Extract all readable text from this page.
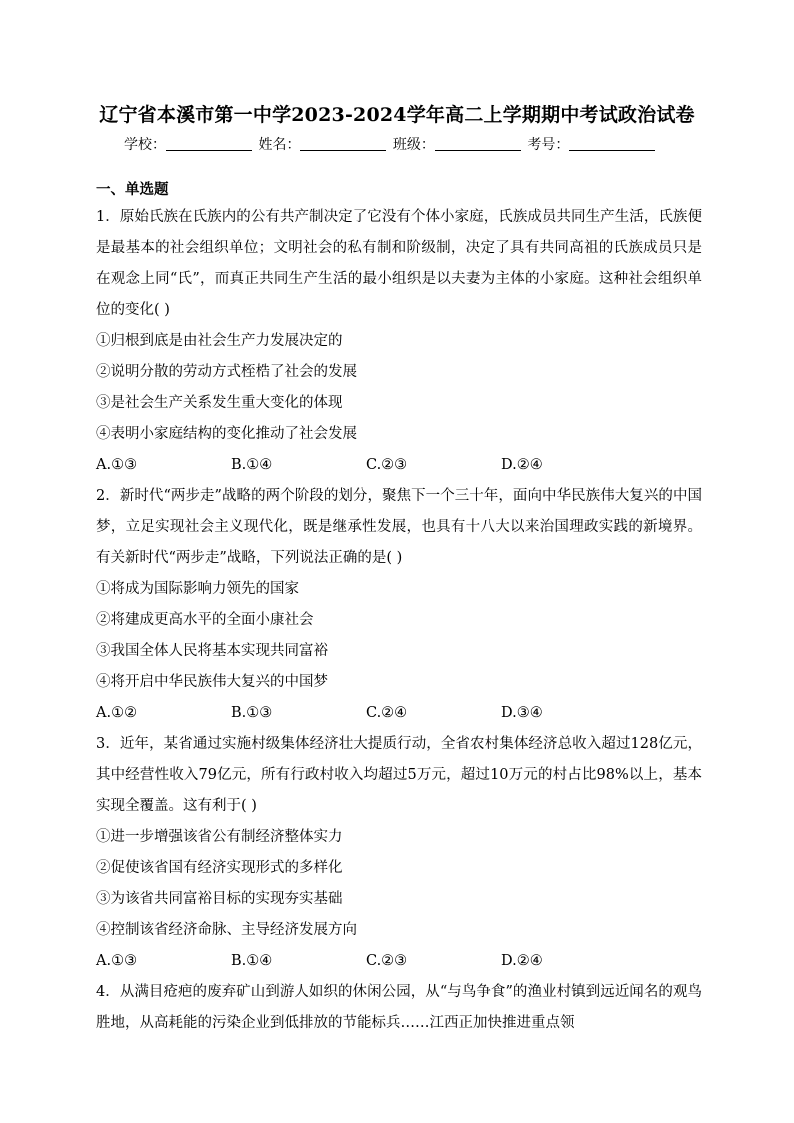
辽宁省本溪市第一中学2023-2024学年高二上学期期中考试政治试卷
学校：	姓名：	班级：	考号：
一、单选题

1．原始氏族在氏族内的公有共产制决定了它没有个体小家庭，氏族成员共同生产生活，氏族便是最基本的社会组织单位；文明社会的私有制和阶级制，决定了具有共同高祖的氏族成员只是在观念上同“氏”，而真正共同生产生活的最小组织是以夫妻为主体的小家庭。这种社会组织单位的变化( )

①归根到底是由社会生产力发展决定的

②说明分散的劳动方式桎梏了社会的发展

③是社会生产关系发生重大变化的体现

④表明小家庭结构的变化推动了社会发展

A.①③	B.①④	C.②③	D.②④

2．新时代“两步走”战略的两个阶段的划分，聚焦下一个三十年，面向中华民族伟大复兴的中国梦，立足实现社会主义现代化，既是继承性发展，也具有十八大以来治国理政实践的新境界。有关新时代“两步走”战略，下列说法正确的是( )

①将成为国际影响力领先的国家

②将建成更高水平的全面小康社会

③我国全体人民将基本实现共同富裕

④将开启中华民族伟大复兴的中国梦

A.①②	B.①③	C.②④	D.③④

3．近年，某省通过实施村级集体经济壮大提质行动，全省农村集体经济总收入超过128亿元，其中经营性收入79亿元，所有行政村收入均超过5万元，超过10万元的村占比98%以上，基本实现全覆盖。这有利于( )

①进一步增强该省公有制经济整体实力

②促使该省国有经济实现形式的多样化

③为该省共同富裕目标的实现夯实基础

④控制该省经济命脉、主导经济发展方向

A.①③	B.①④	C.②③	D.②④

4．从满目疮疤的废弃矿山到游人如织的休闲公园，从“与鸟争食”的渔业村镇到远近闻名的观鸟胜地，从高耗能的污染企业到低排放的节能标兵……江西正加快推进重点领
